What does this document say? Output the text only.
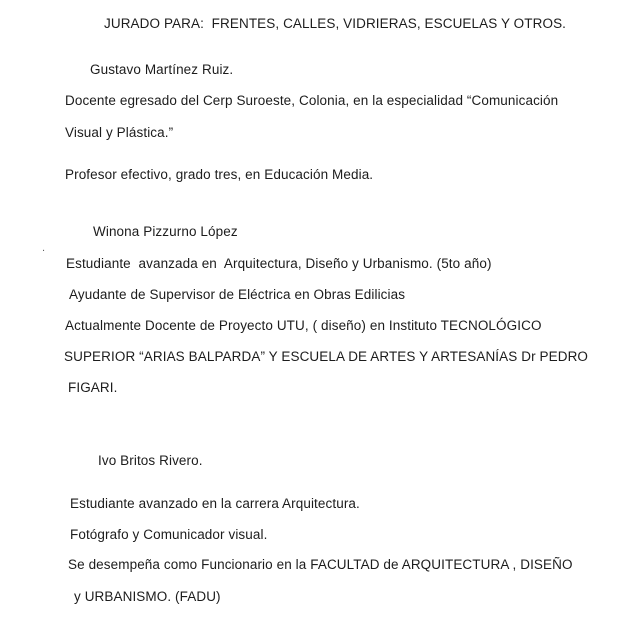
JURADO PARA:  FRENTES, CALLES, VIDRIERAS, ESCUELAS Y OTROS.
Gustavo Martínez Ruiz.
Docente egresado del Cerp Suroeste, Colonia, en la especialidad “Comunicación
Visual y Plástica.”
Profesor efectivo, grado tres, en Educación Media.
Winona Pizzurno López
.
Estudiante  avanzada en  Arquitectura, Diseño y Urbanismo. (5to año)
Ayudante de Supervisor de Eléctrica en Obras Edilicias
Actualmente Docente de Proyecto UTU, ( diseño) en Instituto TECNOLÓGICO
SUPERIOR “ARIAS BALPARDA” Y ESCUELA DE ARTES Y ARTESANÍAS Dr PEDRO
FIGARI.
Ivo Britos Rivero.
Estudiante avanzado en la carrera Arquitectura.
Fotógrafo y Comunicador visual.
Se desempeña como Funcionario en la FACULTAD de ARQUITECTURA , DISEÑO
y URBANISMO. (FADU)
